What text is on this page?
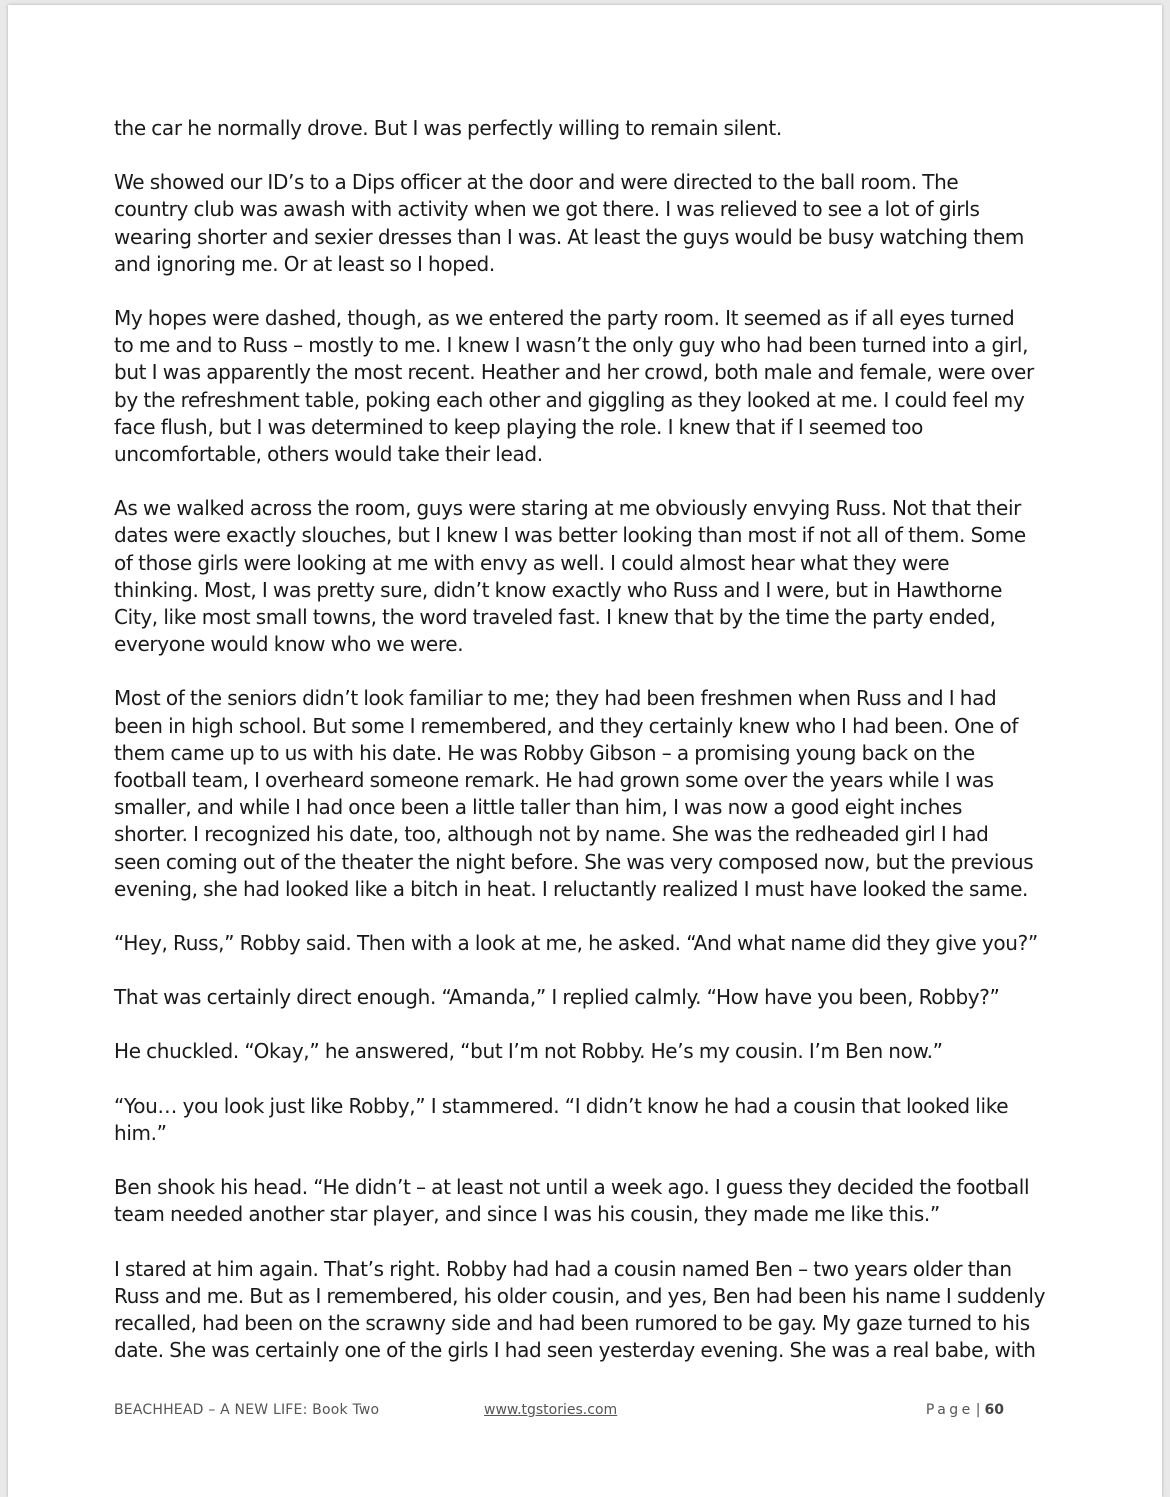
the car he normally drove. But I was perfectly willing to remain silent.

We showed our ID’s to a Dips officer at the door and were directed to the ball room. The
country club was awash with activity when we got there. I was relieved to see a lot of girls
wearing shorter and sexier dresses than I was. At least the guys would be busy watching them
and ignoring me. Or at least so I hoped.

My hopes were dashed, though, as we entered the party room. It seemed as if all eyes turned
to me and to Russ – mostly to me. I knew I wasn’t the only guy who had been turned into a girl,
but I was apparently the most recent. Heather and her crowd, both male and female, were over
by the refreshment table, poking each other and giggling as they looked at me. I could feel my
face flush, but I was determined to keep playing the role. I knew that if I seemed too
uncomfortable, others would take their lead.

As we walked across the room, guys were staring at me obviously envying Russ. Not that their
dates were exactly slouches, but I knew I was better looking than most if not all of them. Some
of those girls were looking at me with envy as well. I could almost hear what they were
thinking. Most, I was pretty sure, didn’t know exactly who Russ and I were, but in Hawthorne
City, like most small towns, the word traveled fast. I knew that by the time the party ended,
everyone would know who we were.

Most of the seniors didn’t look familiar to me; they had been freshmen when Russ and I had
been in high school. But some I remembered, and they certainly knew who I had been. One of
them came up to us with his date. He was Robby Gibson – a promising young back on the
football team, I overheard someone remark. He had grown some over the years while I was
smaller, and while I had once been a little taller than him, I was now a good eight inches
shorter. I recognized his date, too, although not by name. She was the redheaded girl I had
seen coming out of the theater the night before. She was very composed now, but the previous
evening, she had looked like a bitch in heat. I reluctantly realized I must have looked the same.

“Hey, Russ,” Robby said. Then with a look at me, he asked. “And what name did they give you?”

That was certainly direct enough. “Amanda,” I replied calmly. “How have you been, Robby?”

He chuckled. “Okay,” he answered, “but I’m not Robby. He’s my cousin. I’m Ben now.”

“You… you look just like Robby,” I stammered. “I didn’t know he had a cousin that looked like
him.”

Ben shook his head. “He didn’t – at least not until a week ago. I guess they decided the football
team needed another star player, and since I was his cousin, they made me like this.”

I stared at him again. That’s right. Robby had had a cousin named Ben – two years older than
Russ and me. But as I remembered, his older cousin, and yes, Ben had been his name I suddenly
recalled, had been on the scrawny side and had been rumored to be gay. My gaze turned to his
date. She was certainly one of the girls I had seen yesterday evening. She was a real babe, with

BEACHHEAD – A NEW LIFE: Book Two	www.tgstories.com	Page | 60
